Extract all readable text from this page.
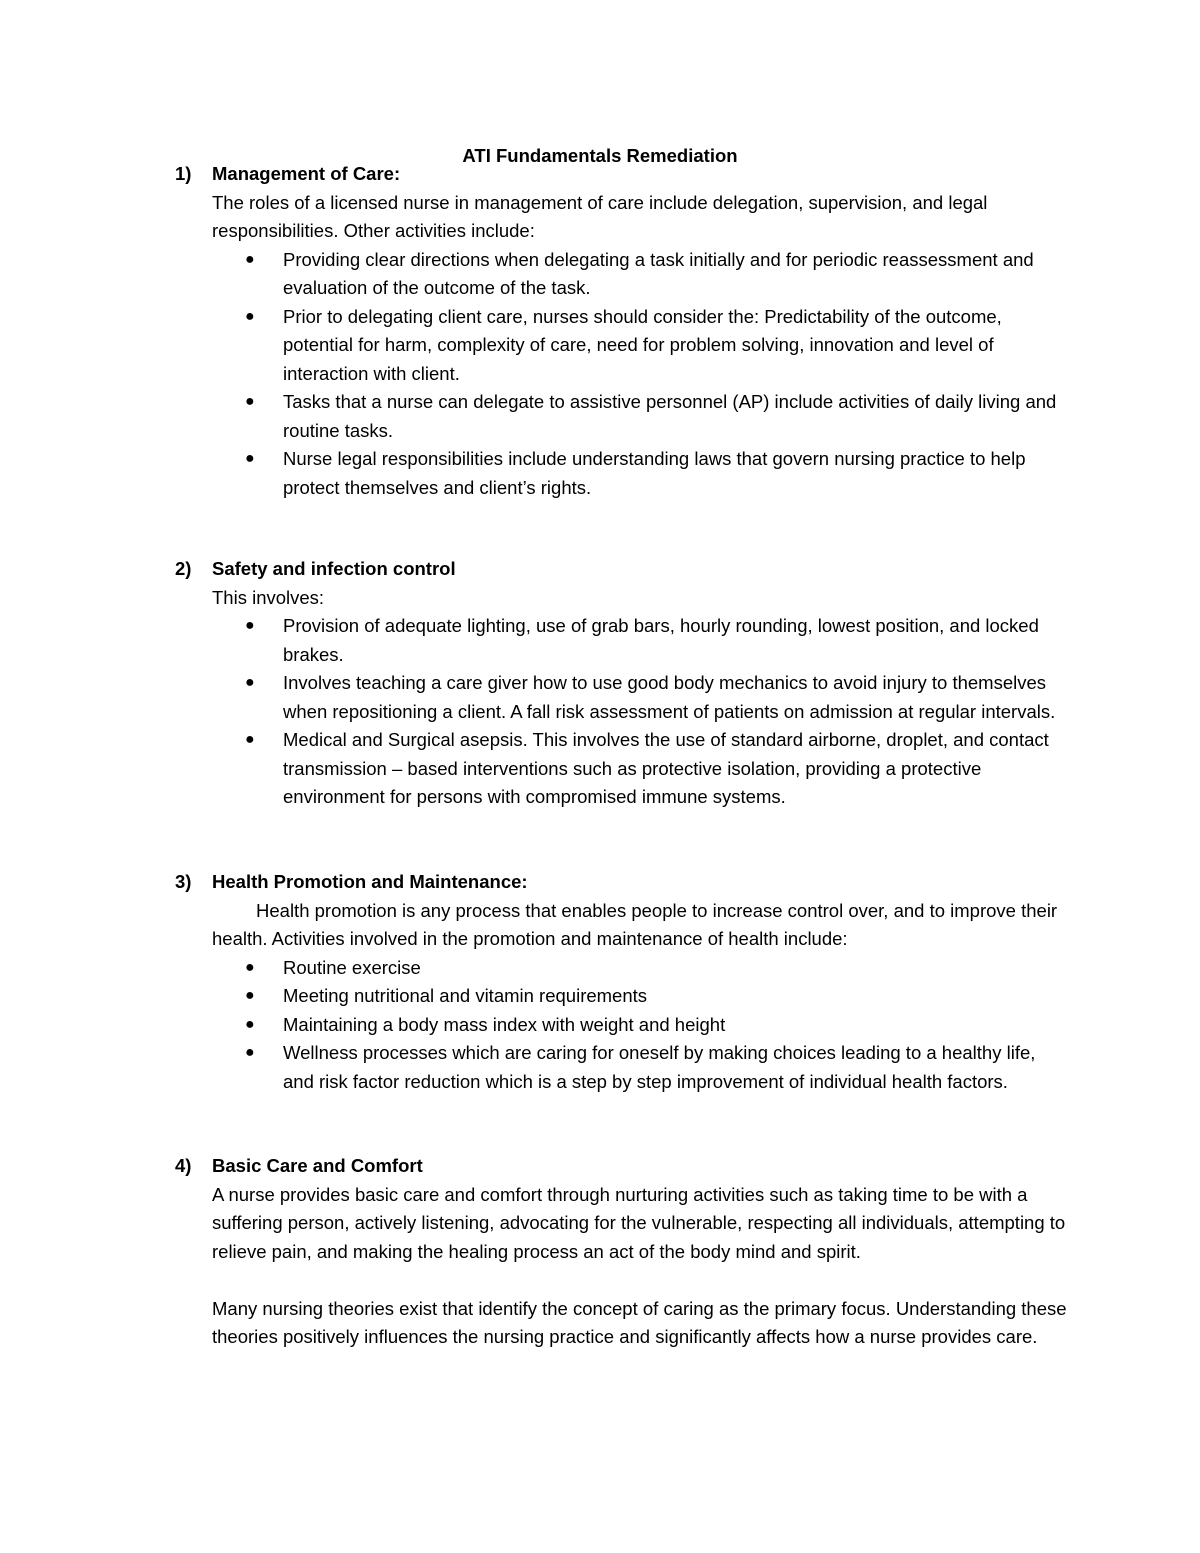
ATI Fundamentals Remediation
1) Management of Care:
The roles of a licensed nurse in management of care include delegation, supervision, and legal responsibilities. Other activities include:
● Providing clear directions when delegating a task initially and for periodic reassessment and evaluation of the outcome of the task.
● Prior to delegating client care, nurses should consider the: Predictability of the outcome, potential for harm, complexity of care, need for problem solving, innovation and level of interaction with client.
● Tasks that a nurse can delegate to assistive personnel (AP) include activities of daily living and routine tasks.
● Nurse legal responsibilities include understanding laws that govern nursing practice to help protect themselves and client’s rights.
2) Safety and infection control
This involves:
● Provision of adequate lighting, use of grab bars, hourly rounding, lowest position, and locked brakes.
● Involves teaching a care giver how to use good body mechanics to avoid injury to themselves when repositioning a client. A fall risk assessment of patients on admission at regular intervals.
● Medical and Surgical asepsis. This involves the use of standard airborne, droplet, and contact transmission – based interventions such as protective isolation, providing a protective environment for persons with compromised immune systems.
3) Health Promotion and Maintenance:
Health promotion is any process that enables people to increase control over, and to improve their health. Activities involved in the promotion and maintenance of health include:
● Routine exercise
● Meeting nutritional and vitamin requirements
● Maintaining a body mass index with weight and height
● Wellness processes which are caring for oneself by making choices leading to a healthy life, and risk factor reduction which is a step by step improvement of individual health factors.
4) Basic Care and Comfort
A nurse provides basic care and comfort through nurturing activities such as taking time to be with a suffering person, actively listening, advocating for the vulnerable, respecting all individuals, attempting to relieve pain, and making the healing process an act of the body mind and spirit.
Many nursing theories exist that identify the concept of caring as the primary focus. Understanding these theories positively influences the nursing practice and significantly affects how a nurse provides care.
